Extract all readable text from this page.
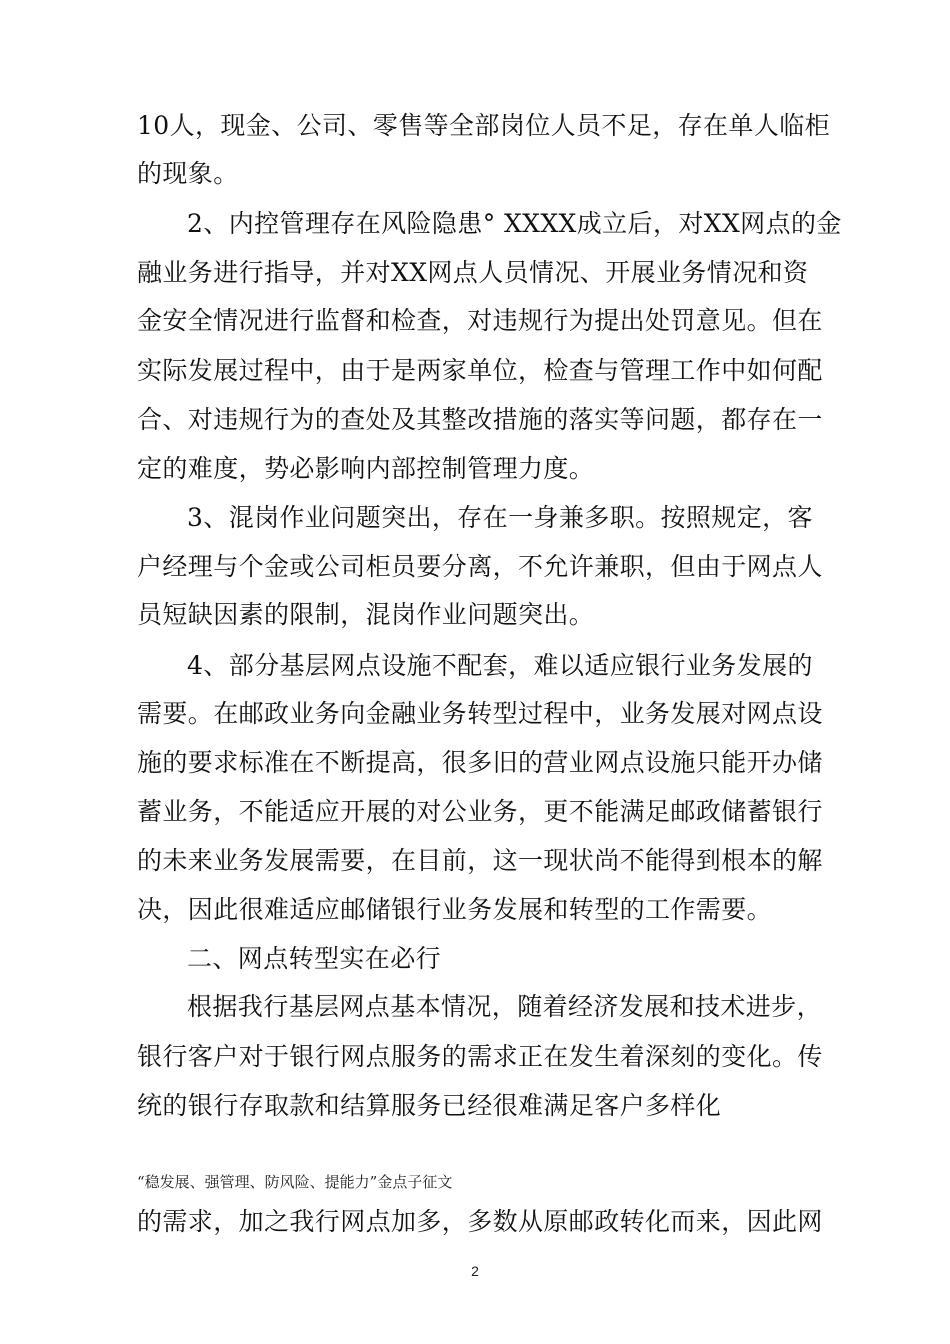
10人，现金、公司、零售等全部岗位人员不足，存在单人临柜
的现象。
2、内控管理存在风险隐患° XXXX成立后，对XX网点的金
融业务进行指导，并对XX网点人员情况、开展业务情况和资
金安全情况进行监督和检查，对违规行为提出处罚意见。但在
实际发展过程中，由于是两家单位，检查与管理工作中如何配
合、对违规行为的查处及其整改措施的落实等问题，都存在一
定的难度，势必影响内部控制管理力度。
3、混岗作业问题突出，存在一身兼多职。按照规定，客
户经理与个金或公司柜员要分离，不允许兼职，但由于网点人
员短缺因素的限制，混岗作业问题突出。
4、部分基层网点设施不配套，难以适应银行业务发展的
需要。在邮政业务向金融业务转型过程中，业务发展对网点设
施的要求标准在不断提高，很多旧的营业网点设施只能开办储
蓄业务，不能适应开展的对公业务，更不能满足邮政储蓄银行
的未来业务发展需要，在目前，这一现状尚不能得到根本的解
决，因此很难适应邮储银行业务发展和转型的工作需要。
二、网点转型实在必行
根据我行基层网点基本情况，随着经济发展和技术进步，
银行客户对于银行网点服务的需求正在发生着深刻的变化。传
统的银行存取款和结算服务已经很难满足客户多样化
“稳发展、强管理、防风险、提能力”金点子征文
的需求，加之我行网点加多，多数从原邮政转化而来，因此网
2
